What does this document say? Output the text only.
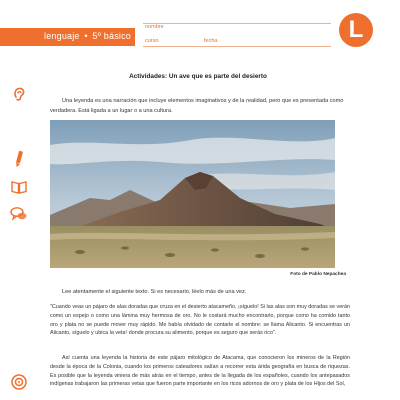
lenguaje • 5º básico
nombre
curso	fecha	L
Actividades: Un ave que es parte del desierto

Una leyenda es una narración que incluye elementos imaginativos y de la realidad, pero que es presentada como verdadera. Está ligada a un lugar o a una cultura.

Foto de Pablo Nepachea

Lee atentamente el siguiente texto. Si es necesario, léelo más de una vez.

"Cuando veas un pájaro de alas doradas que cruza en el desierto atacameño, ¡síguelo! Si las alas son muy doradas se verán como un espejo o como una lámina muy hermosa de oro. No le costará mucho encontrarlo, porque como ha comido tanto oro y plata no se puede mover muy rápido. Me había olvidado de contarle el nombre: se llama Alicanto. Si encuentras un Alicanto, síguelo y ubica la veta¹ donde procura su alimento, porque es seguro que serás rico".

Así cuenta una leyenda la historia de este pájaro mitológico de Atacama, que conocieron los mineros de la Región desde la época de la Colonia, cuando los primeros cateadores salían a recorrer esta árida geografía en busca de riquezas. Es posible que la leyenda viniera de más atrás en el tiempo, antes de la llegada de los españoles, cuando los antepasados indígenas trabajaron las primeras vetas que fueron parte importante en los ricos adornos de oro y plata de los Hijos del Sol,
